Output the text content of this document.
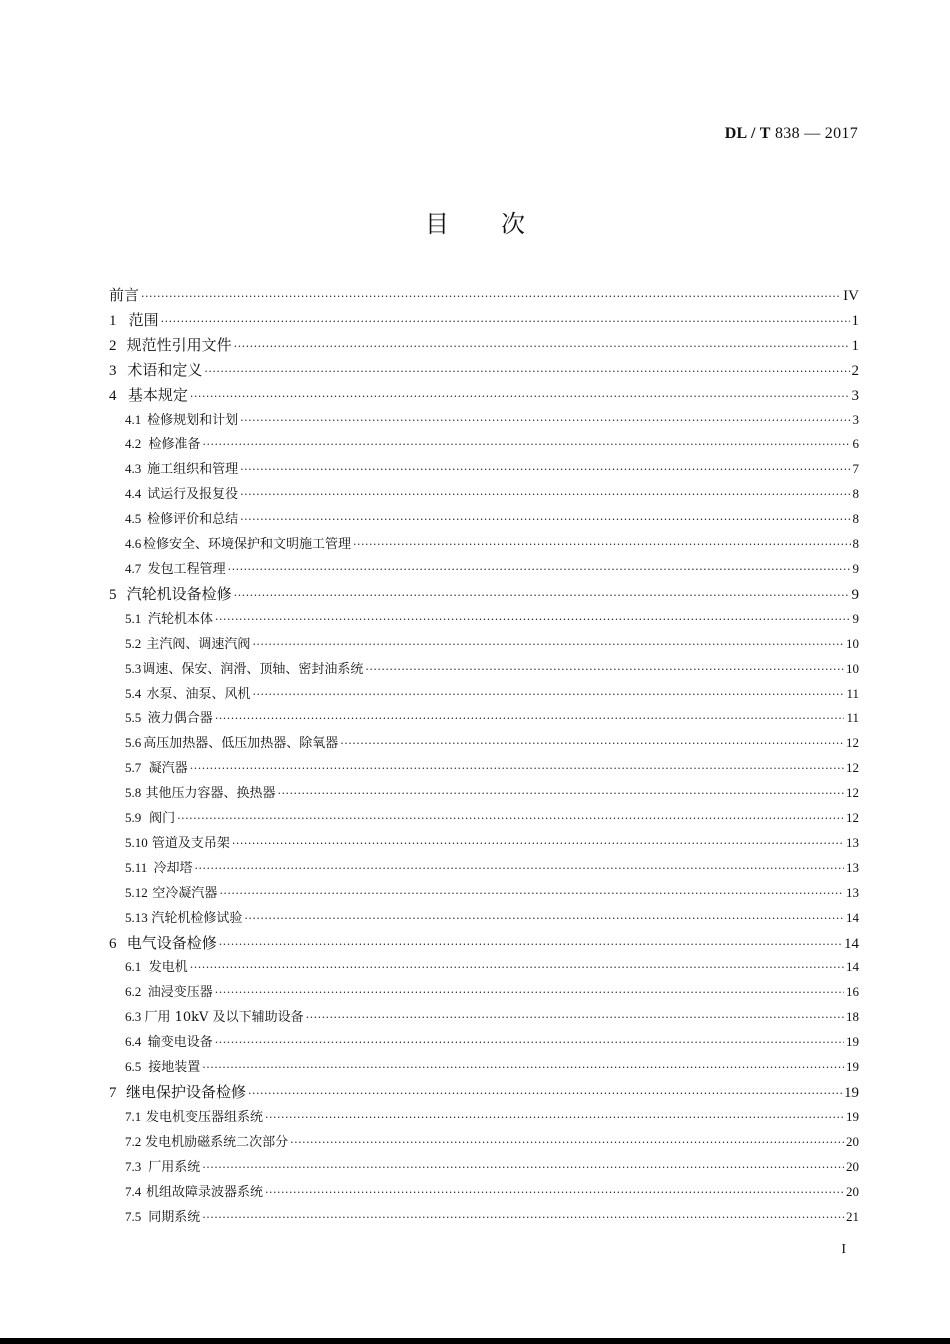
DL / T 838 — 2017
目 次
前言 ·····	IV
1 范围 ·····	1
2 规范性引用文件 ·····	1
3 术语和定义 ·····	2
4 基本规定 ·····	3
4.1 检修规划和计划 ·····	3
4.2 检修准备 ·····	6
4.3 施工组织和管理 ·····	7
4.4 试运行及报复役 ·····	8
4.5 检修评价和总结 ·····	8
4.6 检修安全、环境保护和文明施工管理 ·····	8
4.7 发包工程管理 ·····	9
5 汽轮机设备检修 ·····	9
5.1 汽轮机本体 ·····	9
5.2 主汽阀、调速汽阀 ·····	10
5.3 调速、保安、润滑、顶轴、密封油系统 ·····	10
5.4 水泵、油泵、风机 ·····	11
5.5 液力偶合器 ·····	11
5.6 高压加热器、低压加热器、除氧器 ·····	12
5.7 凝汽器 ·····	12
5.8 其他压力容器、换热器 ·····	12
5.9 阀门 ·····	12
5.10 管道及支吊架 ·····	13
5.11 冷却塔 ·····	13
5.12 空冷凝汽器 ·····	13
5.13 汽轮机检修试验 ·····	14
6 电气设备检修 ·····	14
6.1 发电机 ·····	14
6.2 油浸变压器 ·····	16
6.3 厂用 10kV 及以下辅助设备 ·····	18
6.4 输变电设备 ·····	19
6.5 接地装置 ·····	19
7 继电保护设备检修 ·····	19
7.1 发电机变压器组系统 ·····	19
7.2 发电机励磁系统二次部分 ·····	20
7.3 厂用系统 ·····	20
7.4 机组故障录波器系统 ·····	20
7.5 同期系统 ·····	21
I
